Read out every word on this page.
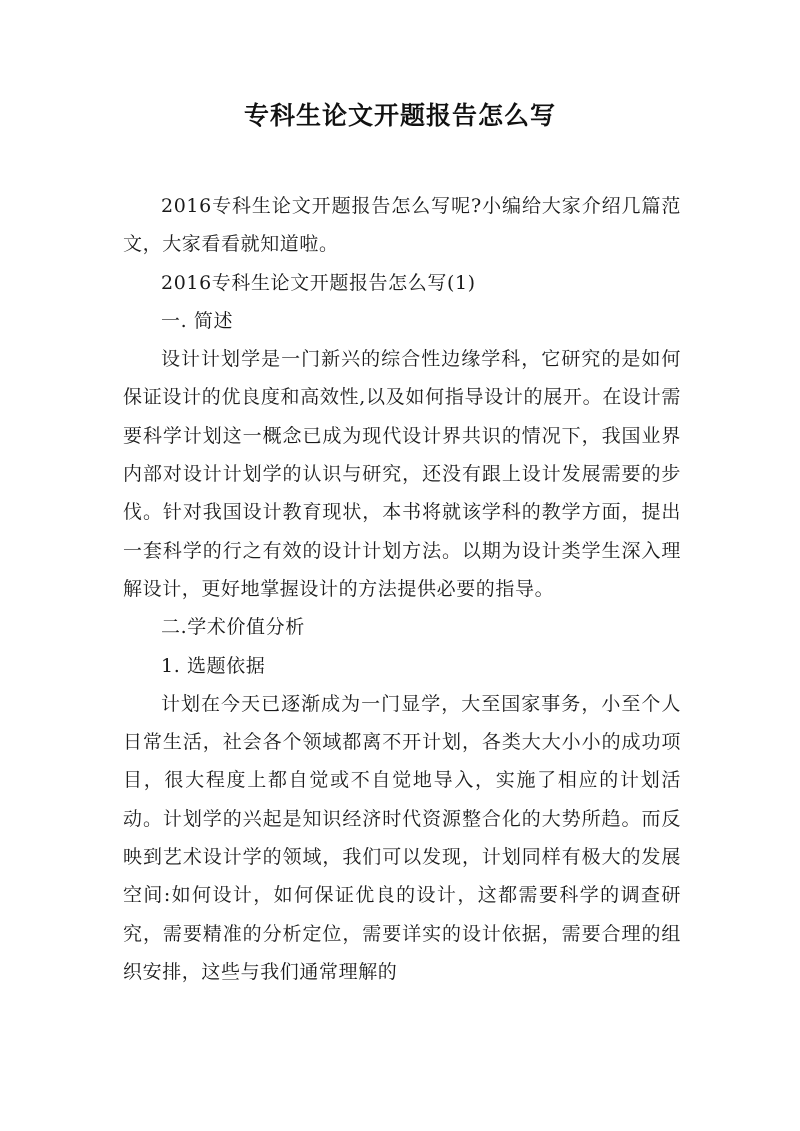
专科生论文开题报告怎么写

2016专科生论文开题报告怎么写呢?小编给大家介绍几篇范文，大家看看就知道啦。

2016专科生论文开题报告怎么写(1)

一. 简述

设计计划学是一门新兴的综合性边缘学科，它研究的是如何保证设计的优良度和高效性,以及如何指导设计的展开。在设计需要科学计划这一概念已成为现代设计界共识的情况下，我国业界内部对设计计划学的认识与研究，还没有跟上设计发展需要的步伐。针对我国设计教育现状，本书将就该学科的教学方面，提出一套科学的行之有效的设计计划方法。以期为设计类学生深入理解设计，更好地掌握设计的方法提供必要的指导。

二.学术价值分析

1. 选题依据

计划在今天已逐渐成为一门显学，大至国家事务，小至个人日常生活，社会各个领域都离不开计划，各类大大小小的成功项目，很大程度上都自觉或不自觉地导入，实施了相应的计划活动。计划学的兴起是知识经济时代资源整合化的大势所趋。而反映到艺术设计学的领域，我们可以发现，计划同样有极大的发展空间:如何设计，如何保证优良的设计，这都需要科学的调查研究，需要精准的分析定位，需要详实的设计依据，需要合理的组织安排，这些与我们通常理解的
